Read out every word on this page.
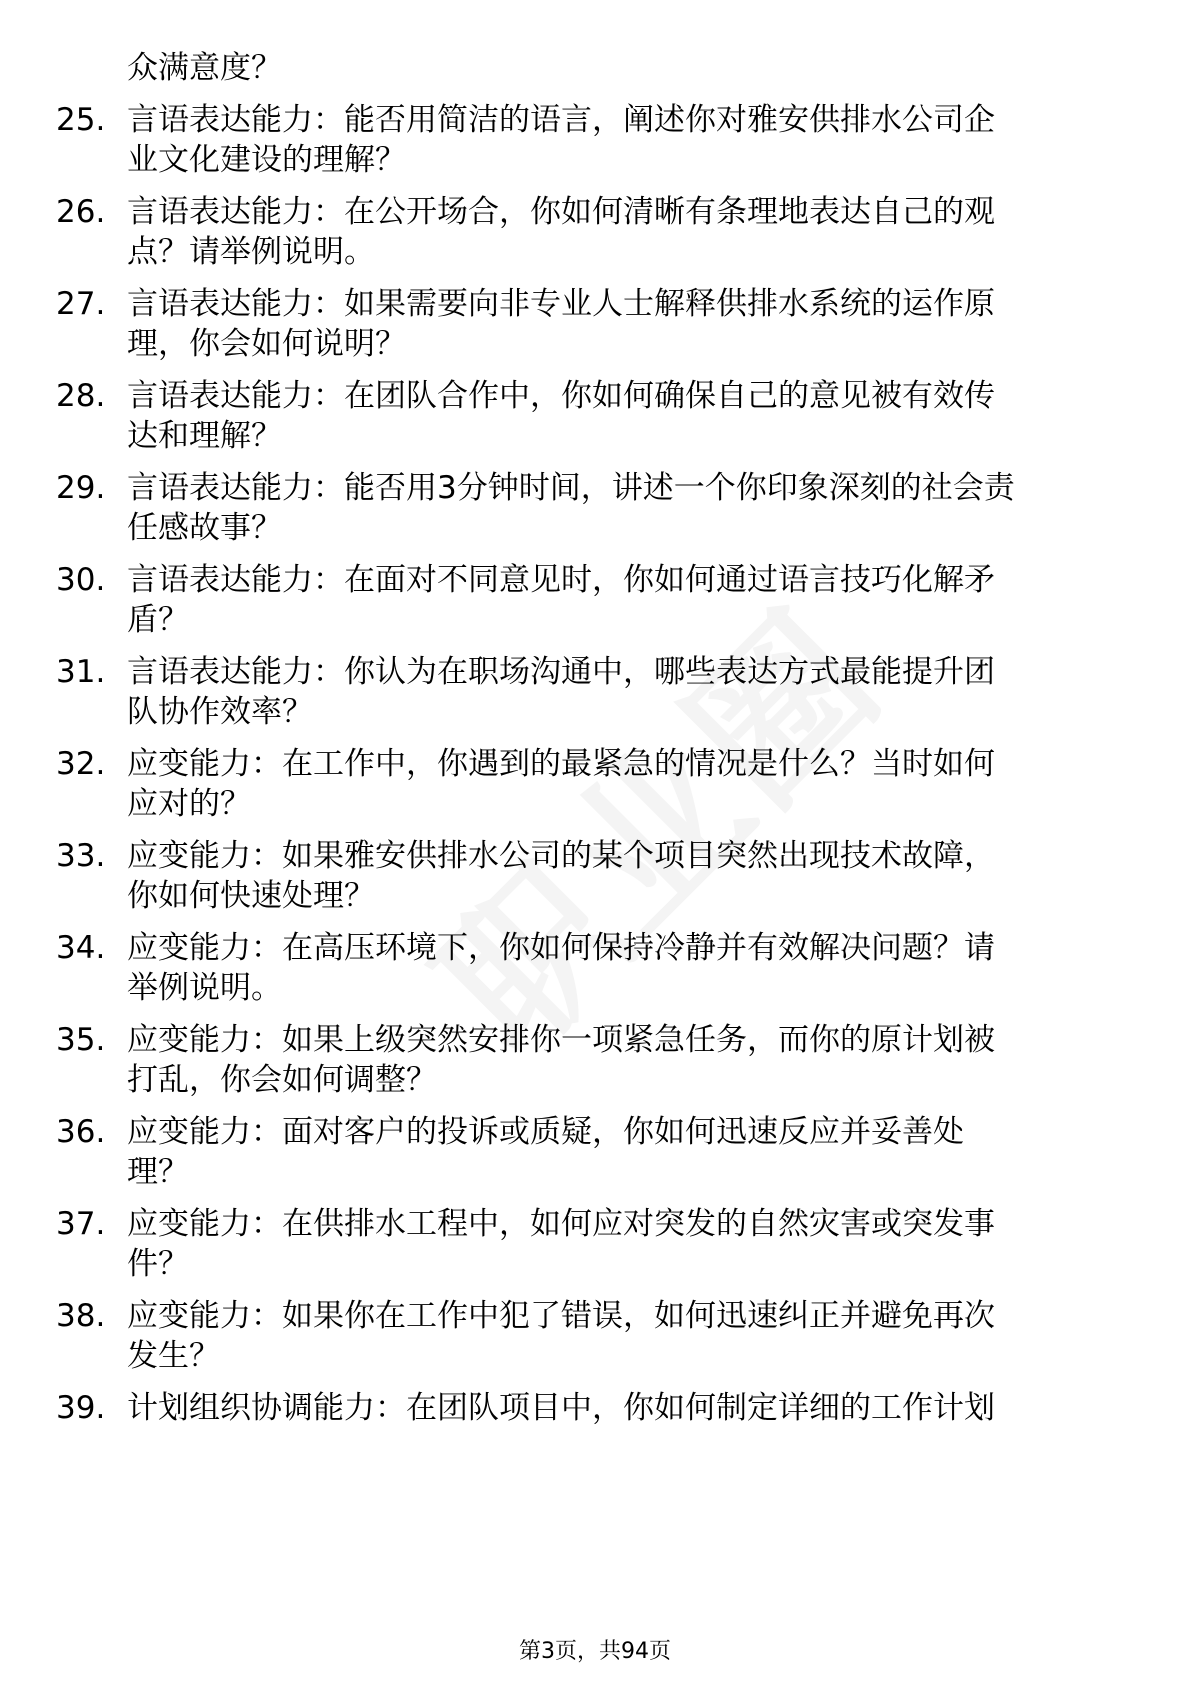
众满意度？
25. 言语表达能力：能否用简洁的语言，阐述你对雅安供排水公司企
业文化建设的理解？
26. 言语表达能力：在公开场合，你如何清晰有条理地表达自己的观
点？请举例说明。
27. 言语表达能力：如果需要向非专业人士解释供排水系统的运作原
理，你会如何说明？
28. 言语表达能力：在团队合作中，你如何确保自己的意见被有效传
达和理解？
29. 言语表达能力：能否用3分钟时间，讲述一个你印象深刻的社会责
任感故事？
30. 言语表达能力：在面对不同意见时，你如何通过语言技巧化解矛
盾？
31. 言语表达能力：你认为在职场沟通中，哪些表达方式最能提升团
队协作效率？
32. 应变能力：在工作中，你遇到的最紧急的情况是什么？当时如何
应对的？
33. 应变能力：如果雅安供排水公司的某个项目突然出现技术故障，
你如何快速处理？
34. 应变能力：在高压环境下，你如何保持冷静并有效解决问题？请
举例说明。
35. 应变能力：如果上级突然安排你一项紧急任务，而你的原计划被
打乱，你会如何调整？
36. 应变能力：面对客户的投诉或质疑，你如何迅速反应并妥善处
理？
37. 应变能力：在供排水工程中，如何应对突发的自然灾害或突发事
件？
38. 应变能力：如果你在工作中犯了错误，如何迅速纠正并避免再次
发生？
39. 计划组织协调能力：在团队项目中，你如何制定详细的工作计划
第3页，共94页
